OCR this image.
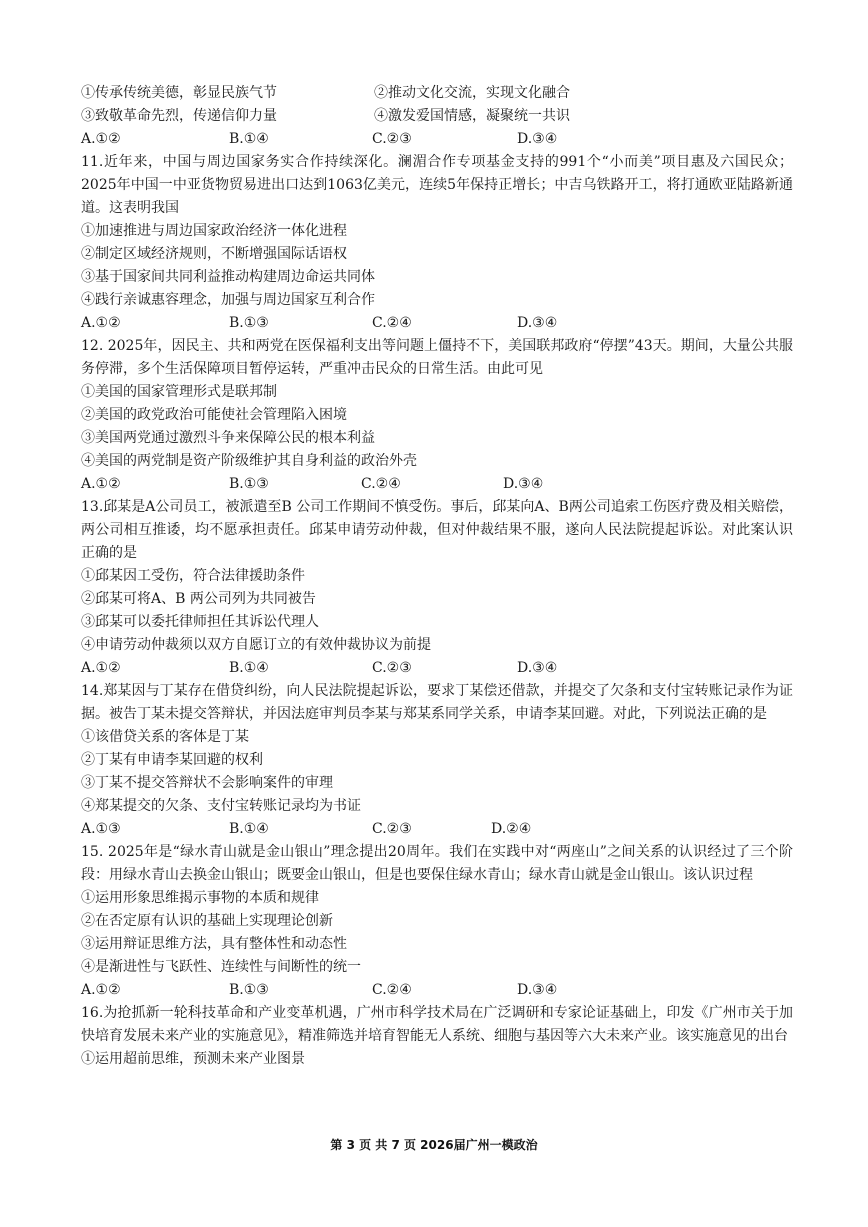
①传承传统美德，彰显民族气节	②推动文化交流，实现文化融合
③致敬革命先烈，传递信仰力量	④激发爱国情感，凝聚统一共识
A.①②	B.①④	C.②③	D.③④
11.近年来，中国与周边国家务实合作持续深化。澜湄合作专项基金支持的991个“小而美”项目惠及六国民众；2025年中国一中亚货物贸易进出口达到1063亿美元，连续5年保持正增长；中吉乌铁路开工，将打通欧亚陆路新通道。这表明我国
①加速推进与周边国家政治经济一体化进程
②制定区域经济规则，不断增强国际话语权
③基于国家间共同利益推动构建周边命运共同体
④践行亲诚惠容理念，加强与周边国家互利合作
A.①②	B.①③	C.②④	D.③④
12. 2025年，因民主、共和两党在医保福利支出等问题上僵持不下，美国联邦政府“停摆”43天。期间，大量公共服务停滞，多个生活保障项目暂停运转，严重冲击民众的日常生活。由此可见
①美国的国家管理形式是联邦制
②美国的政党政治可能使社会管理陷入困境
③美国两党通过激烈斗争来保障公民的根本利益
④美国的两党制是资产阶级维护其自身利益的政治外壳
A.①②	B.①③	C.②④	D.③④
13.邱某是A公司员工，被派遣至B 公司工作期间不慎受伤。事后，邱某向A、B两公司追索工伤医疗费及相关赔偿，两公司相互推诿，均不愿承担责任。邱某申请劳动仲裁，但对仲裁结果不服，遂向人民法院提起诉讼。对此案认识正确的是
①邱某因工受伤，符合法律援助条件
②邱某可将A、B 两公司列为共同被告
③邱某可以委托律师担任其诉讼代理人
④申请劳动仲裁须以双方自愿订立的有效仲裁协议为前提
A.①②	B.①④	C.②③	D.③④
14.郑某因与丁某存在借贷纠纷，向人民法院提起诉讼，要求丁某偿还借款，并提交了欠条和支付宝转账记录作为证据。被告丁某未提交答辩状，并因法庭审判员李某与郑某系同学关系，申请李某回避。对此，下列说法正确的是
①该借贷关系的客体是丁某
②丁某有申请李某回避的权利
③丁某不提交答辩状不会影响案件的审理
④郑某提交的欠条、支付宝转账记录均为书证
A.①③	B.①④	C.②③	D.②④
15. 2025年是“绿水青山就是金山银山”理念提出20周年。我们在实践中对“两座山”之间关系的认识经过了三个阶段：用绿水青山去换金山银山；既要金山银山，但是也要保住绿水青山；绿水青山就是金山银山。该认识过程
①运用形象思维揭示事物的本质和规律
②在否定原有认识的基础上实现理论创新
③运用辩证思维方法，具有整体性和动态性
④是渐进性与飞跃性、连续性与间断性的统一
A.①②	B.①③	C.②④	D.③④
16.为抢抓新一轮科技革命和产业变革机遇，广州市科学技术局在广泛调研和专家论证基础上，印发《广州市关于加快培育发展未来产业的实施意见》，精准筛选并培育智能无人系统、细胞与基因等六大未来产业。该实施意见的出台
①运用超前思维，预测未来产业图景
第 3 页 共 7 页 2026届广州一模政治
